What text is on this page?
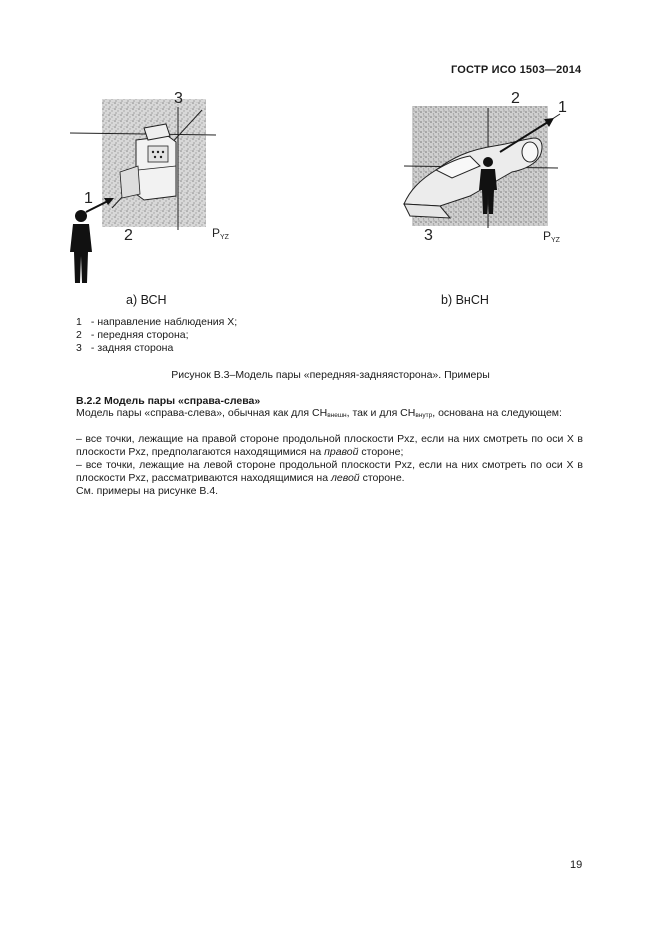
ГОСТР ИСО 1503—2014
3
1
2	PYZ
2
1
3	PYZ
a) ВСН	b) ВнСН
1 - направление наблюдения X;
2 - передняя сторона;
3 - задняя сторона
Рисунок В.3–Модель пары «передняя-задняясторона». Примеры
В.2.2 Модель пары «справа-слева»
Модель пары «справа-слева», обычная как для $СН_{внешн}$, так и для $СН_{внутр}$, основана на следующем:
– все точки, лежащие на правой стороне продольной плоскости Pxz, если на них смотреть по оси X в плоскости Pxz, предполагаются находящимися на правой стороне;
– все точки, лежащие на левой стороне продольной плоскости Pxz, если на них смотреть по оси X в плоскости Pxz, рассматриваются находящимися на левой стороне.
См. примеры на рисунке В.4.
19
